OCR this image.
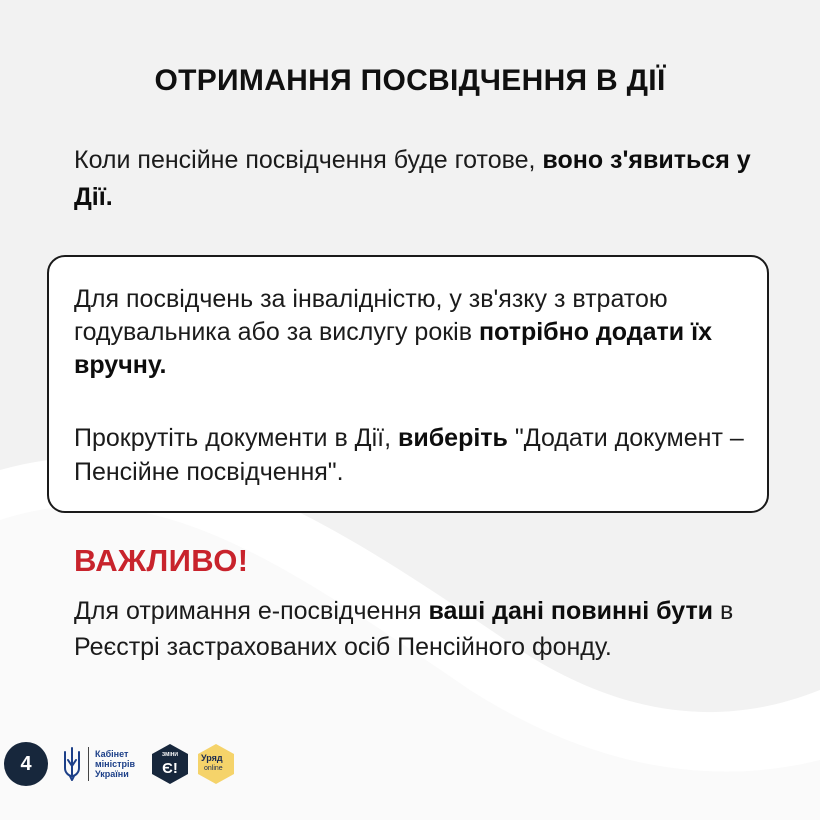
ОТРИМАННЯ ПОСВІДЧЕННЯ В ДІЇ
Коли пенсійне посвідчення буде готове, воно з'явиться у Дії.
Для посвідчень за інвалідністю, у зв'язку з втратою годувальника або за вислугу років потрібно додати їх вручну.
Прокрутіть документи в Дії, виберіть "Додати документ – Пенсійне посвідчення".
ВАЖЛИВО!
Для отримання е-посвідчення ваші дані повинні бути в Реєстрі застрахованих осіб Пенсійного фонду.
4	Кабінет
міністрів
України
ЗМІНИ
Є!
Уряд
online
